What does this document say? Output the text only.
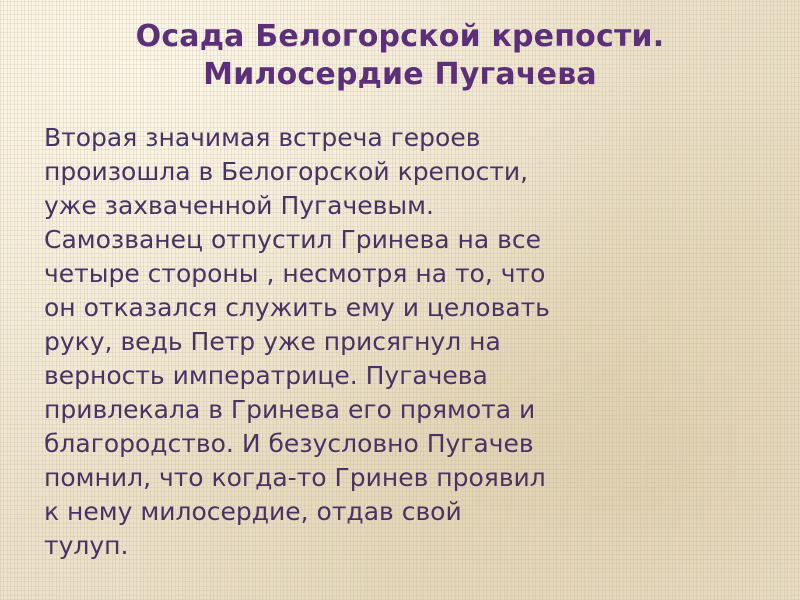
Осада Белогорской крепости.
Милосердие Пугачева

Вторая значимая встреча героев произошла в Белогорской крепости, уже захваченной Пугачевым. Самозванец отпустил Гринева на все четыре стороны , несмотря на то, что он отказался служить ему и целовать руку, ведь Петр уже присягнул на верность императрице. Пугачева привлекала в Гринева его прямота и благородство. И безусловно Пугачев помнил, что когда-то Гринев проявил к нему милосердие, отдав свой тулуп.
